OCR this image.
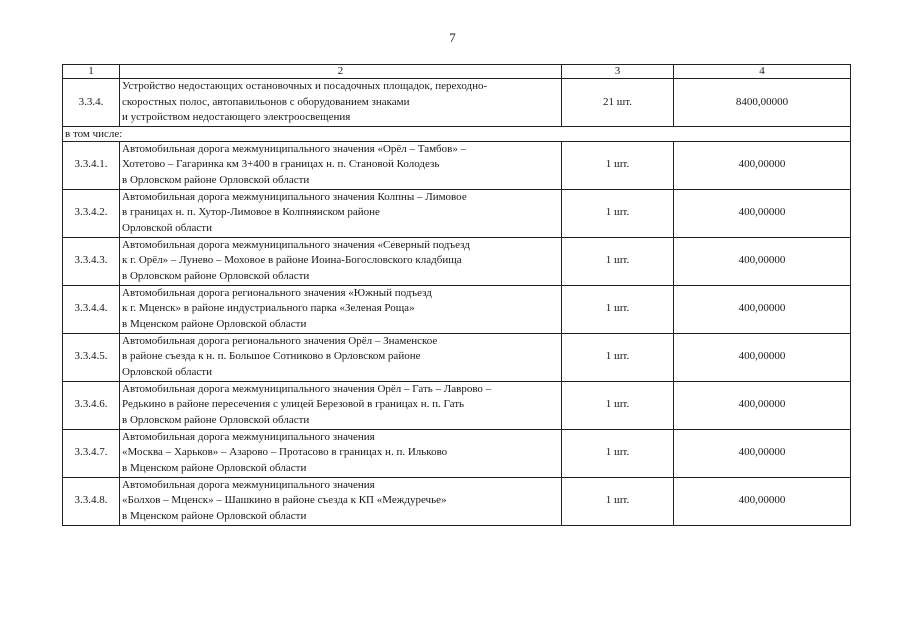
7
1	2	3	4
3.3.4.	Устройство недостающих остановочных и посадочных площадок, переходно-
скоростных полос, автопавильонов с оборудованием знаками
и устройством недостающего электроосвещения	21 шт.	8400,00000
в том числе:			
3.3.4.1.	Автомобильная дорога межмуниципального значения «Орёл – Тамбов» –
Хотетово – Гагаринка км 3+400 в границах н. п. Становой Колодезь
в Орловском районе Орловской области	1 шт.	400,00000
3.3.4.2.	Автомобильная дорога межмуниципального значения Колпны – Лимовое
в границах н. п. Хутор-Лимовое в Колпнянском районе
Орловской области	1 шт.	400,00000
3.3.4.3.	Автомобильная дорога межмуниципального значения «Северный подъезд
к г. Орёл» – Лунево – Моховое в районе Иоина-Богословского кладбища
в Орловском районе Орловской области	1 шт.	400,00000
3.3.4.4.	Автомобильная дорога регионального значения «Южный подъезд
к г. Мценск» в районе индустриального парка «Зеленая Роща»
в Мценском районе Орловской области	1 шт.	400,00000
3.3.4.5.	Автомобильная дорога регионального значения Орёл – Знаменское
в районе съезда к н. п. Большое Сотниково в Орловском районе
Орловской области	1 шт.	400,00000
3.3.4.6.	Автомобильная дорога межмуниципального значения Орёл – Гать – Лаврово –
Редькино в районе пересечения с улицей Березовой в границах н. п. Гать
в Орловском районе Орловской области	1 шт.	400,00000
3.3.4.7.	Автомобильная дорога межмуниципального значения
«Москва – Харьков» – Азарово – Протасово в границах н. п. Ильково
в Мценском районе Орловской области	1 шт.	400,00000
3.3.4.8.	Автомобильная дорога межмуниципального значения
«Болхов – Мценск» – Шашкино в районе съезда к КП «Междуречье»
в Мценском районе Орловской области	1 шт.	400,00000
